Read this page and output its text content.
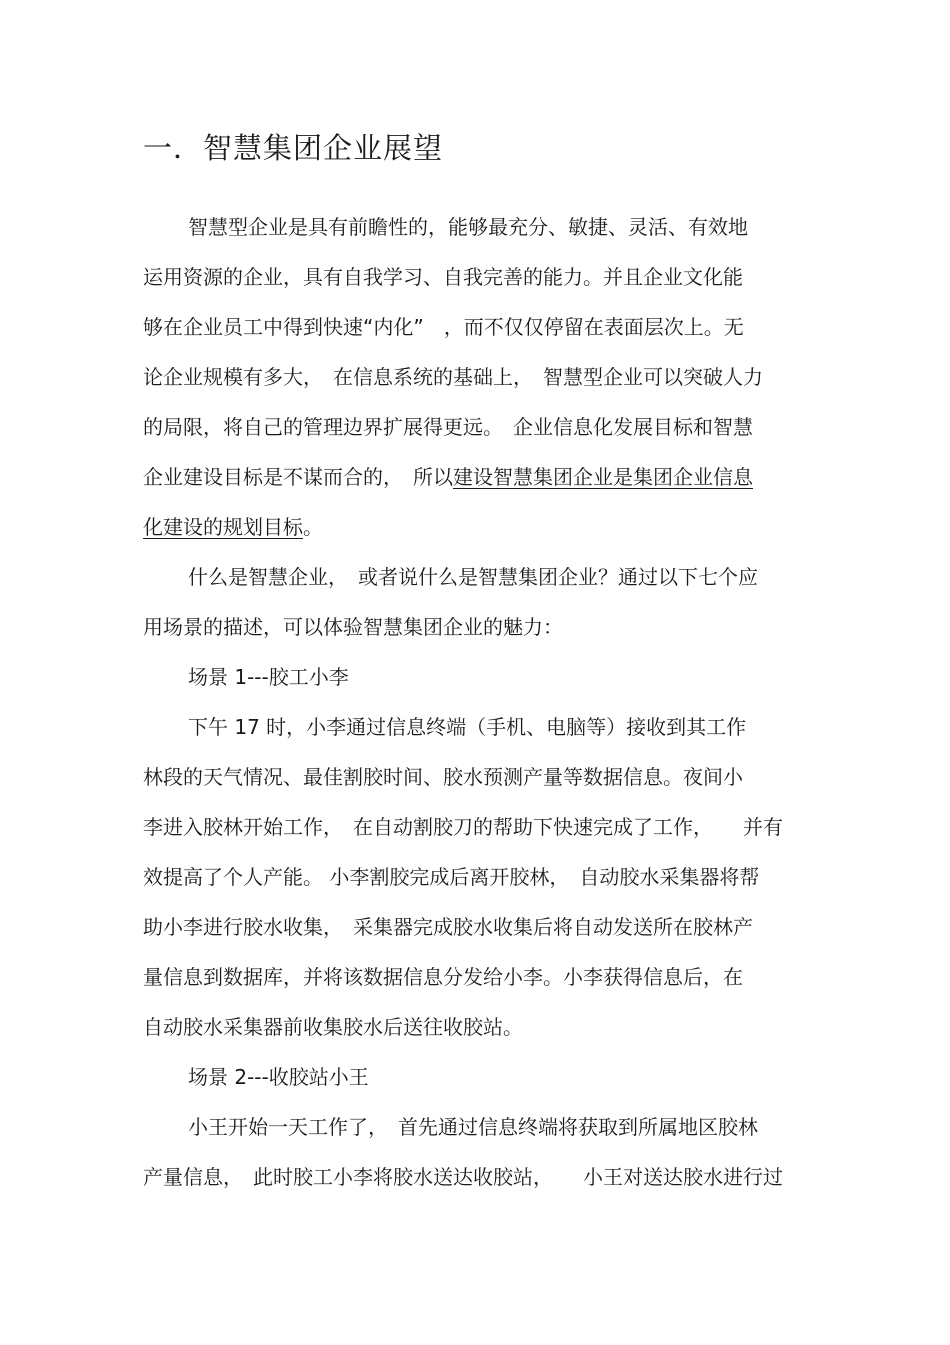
一．智慧集团企业展望
智慧型企业是具有前瞻性的，能够最充分、敏捷、灵活、有效地
运用资源的企业，具有自我学习、自我完善的能力。并且企业文化能
够在企业员工中得到快速“内化”　，而不仅仅停留在表面层次上。无
论企业规模有多大，　在信息系统的基础上，　智慧型企业可以突破人力
的局限，将自己的管理边界扩展得更远。　企业信息化发展目标和智慧
企业建设目标是不谋而合的，　所以建设智慧集团企业是集团企业信息
化建设的规划目标。
什么是智慧企业，　或者说什么是智慧集团企业？通过以下七个应
用场景的描述，可以体验智慧集团企业的魅力：
场景 1---胶工小李
下午 17 时，小李通过信息终端（手机、电脑等）接收到其工作
林段的天气情况、最佳割胶时间、胶水预测产量等数据信息。夜间小
李进入胶林开始工作，　在自动割胶刀的帮助下快速完成了工作，　　并有
效提高了个人产能。 小李割胶完成后离开胶林，　自动胶水采集器将帮
助小李进行胶水收集，　采集器完成胶水收集后将自动发送所在胶林产
量信息到数据库，并将该数据信息分发给小李。小李获得信息后，在
自动胶水采集器前收集胶水后送往收胶站。
场景 2---收胶站小王
小王开始一天工作了，　首先通过信息终端将获取到所属地区胶林
产量信息，　此时胶工小李将胶水送达收胶站，　　小王对送达胶水进行过
